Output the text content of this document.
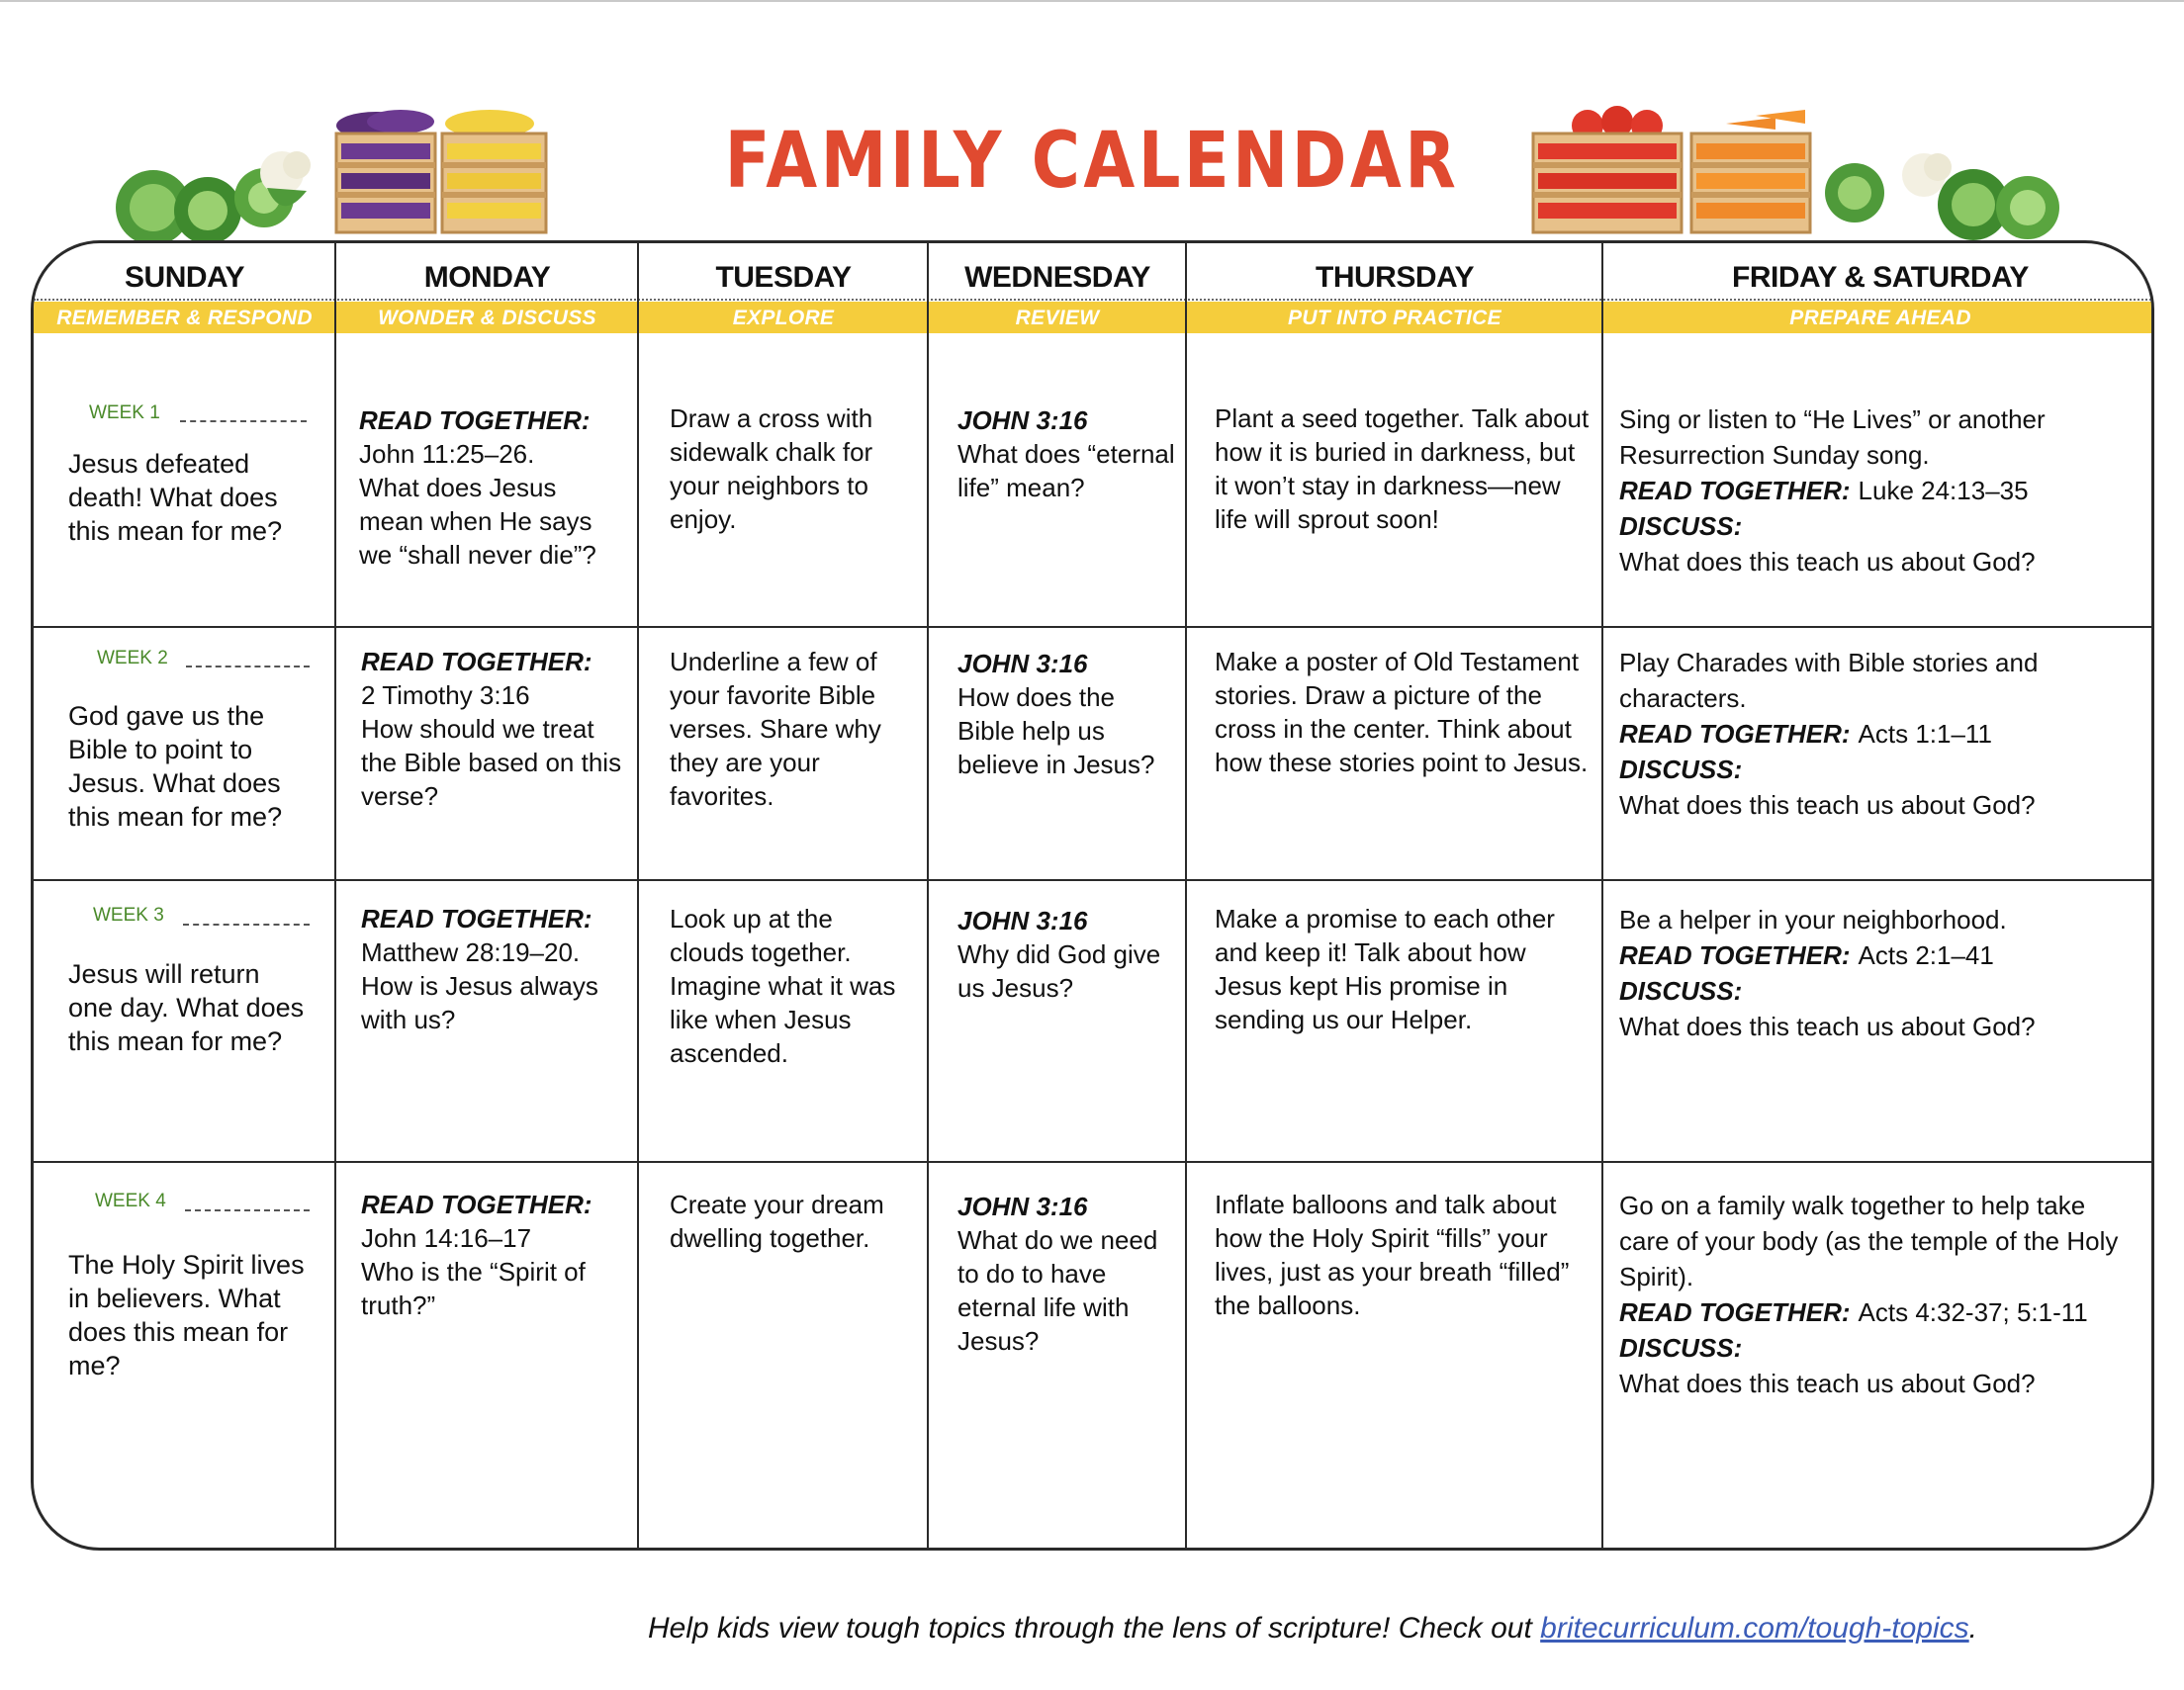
FAMILY CALENDAR
SUNDAY
REMEMBER & RESPOND
MONDAY
WONDER & DISCUSS
TUESDAY
EXPLORE
WEDNESDAY
REVIEW
THURSDAY
PUT INTO PRACTICE
FRIDAY & SATURDAY
PREPARE AHEAD
WEEK 1
Jesus defeated death! What does this mean for me?

READ TOGETHER:

John 11:25–26.

What does Jesus mean when He says we “shall never die”?

Draw a cross with sidewalk chalk for your neighbors to enjoy.

JOHN 3:16

What does “eternal life” mean?

Plant a seed together. Talk about how it is buried in darkness, but it won’t stay in darkness—new life will sprout soon!

Sing or listen to “He Lives” or another Resurrection Sunday song.

READ TOGETHER: Luke 24:13–35

DISCUSS:

What does this teach us about God?

WEEK 2
God gave us the Bible to point to Jesus. What does this mean for me?

READ TOGETHER:

2 Timothy 3:16

How should we treat the Bible based on this verse?

Underline a few of your favorite Bible verses. Share why they are your favorites.

JOHN 3:16

How does the Bible help us believe in Jesus?

Make a poster of Old Testament stories. Draw a picture of the cross in the center. Think about how these stories point to Jesus.

Play Charades with Bible stories and characters.

READ TOGETHER: Acts 1:1–11

DISCUSS:

What does this teach us about God?

WEEK 3
Jesus will return one day. What does this mean for me?

READ TOGETHER:

Matthew 28:19–20.

How is Jesus always with us?

Look up at the clouds together. Imagine what it was like when Jesus ascended.

JOHN 3:16

Why did God give us Jesus?

Make a promise to each other and keep it! Talk about how Jesus kept His promise in sending us our Helper.

Be a helper in your neighborhood.

READ TOGETHER: Acts 2:1–41

DISCUSS:

What does this teach us about God?

WEEK 4
The Holy Spirit lives in believers. What does this mean for me?

READ TOGETHER:

John 14:16–17

Who is the “Spirit of truth?”

Create your dream dwelling together.

JOHN 3:16

What do we need to do to have eternal life with Jesus?

Inflate balloons and talk about how the Holy Spirit “fills” your lives, just as your breath “filled” the balloons.

Go on a family walk together to help take care of your body (as the temple of the Holy Spirit).

READ TOGETHER: Acts 4:32-37; 5:1-11

DISCUSS:

What does this teach us about God?

Help kids view tough topics through the lens of scripture! Check out britecurriculum.com/tough-topics.
